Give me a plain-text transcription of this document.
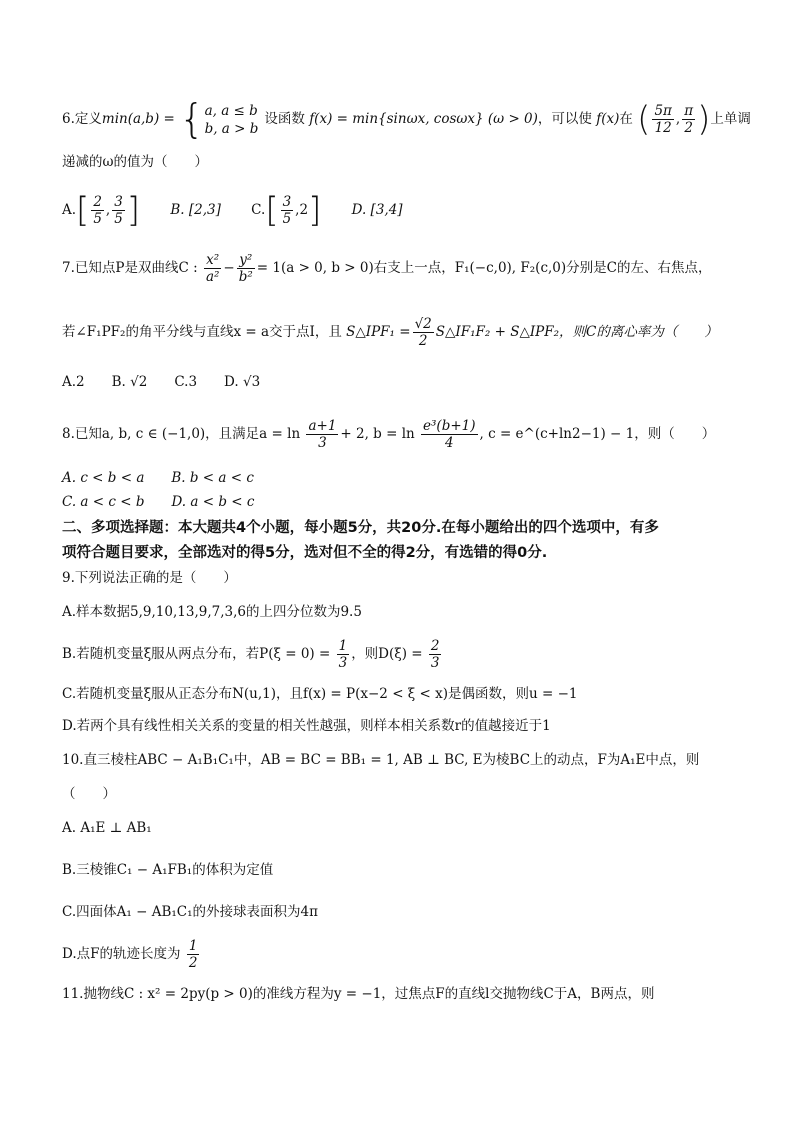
6.定义min(a,b) = { a, a ≤ b
b, a > b
设函数 f(x) = min{sinωx, cosωx} (ω > 0)，可以使 f(x)在 ( $\frac{5\pi}{12}$ , $\frac{\pi}{2}$ )上单调
递减的ω的值为（　　）
$A.[ \frac{2}{5}$ , $\frac{3}{5}$ ] B. [2,3] $C.[ \frac{3}{5} ,2]$ D. [3,4]
7.已知点P是双曲线C : $\frac{\text{x²}}{\text{a²}} - \frac{\text{y²}}{\text{b²}} = 1(a > 0$, b > 0)右支上一点，F₁(−c,0), F₂(c,0)分别是C的左、右焦点，
若∠F₁PF₂的角平分线与直线x = a交于点I，且 S△IPF₁ = $\frac{√2}{2}$ S△IF₁F₂ + S△IPF₂，则C的离心率为（　　）
A.2　　B. √2　　C.3　　D. √3
8.已知a, b, c ∈ (−1,0)，且满足$a = \ln \frac{a+1}{3} + 2$, $b = \ln \frac{\text{e³(b+1)}}{4}$ , c = e^(c+ln2−1) − 1，则（　　）
A. c < b < a　　B. b < a < c
C. a < c < b　　D. a < b < c
二、多项选择题：本大题共4个小题，每小题5分，共20分.在每小题给出的四个选项中，有多
项符合题目要求，全部选对的得5分，选对但不全的得2分，有选错的得0分.
9.下列说法正确的是（　　）
A.样本数据5,9,10,13,9,7,3,6的上四分位数为9.5
B.若随机变量ξ服从两点分布，若$P(\xi = 0) = \frac{1}{3}$ ，则$D(\xi) = \frac{2}{3}$
C.若随机变量ξ服从正态分布N(u,1)，且f(x) = P(x−2 < ξ < x)是偶函数，则u = −1
D.若两个具有线性相关关系的变量的相关性越强，则样本相关系数r的值越接近于1
10.直三棱柱ABC − A₁B₁C₁中，AB = BC = BB₁ = 1, AB ⊥ BC, E为棱BC上的动点，F为A₁E中点，则
（　　）
A. A₁E ⊥ AB₁
B.三棱锥C₁ − A₁FB₁的体积为定值
C.四面体A₁ − AB₁C₁的外接球表面积为4π
D.点F的轨迹长度为 $\frac{1}{2}$
11.抛物线C : x² = 2py(p > 0)的准线方程为y = −1，过焦点F的直线l交抛物线C于A，B两点，则
